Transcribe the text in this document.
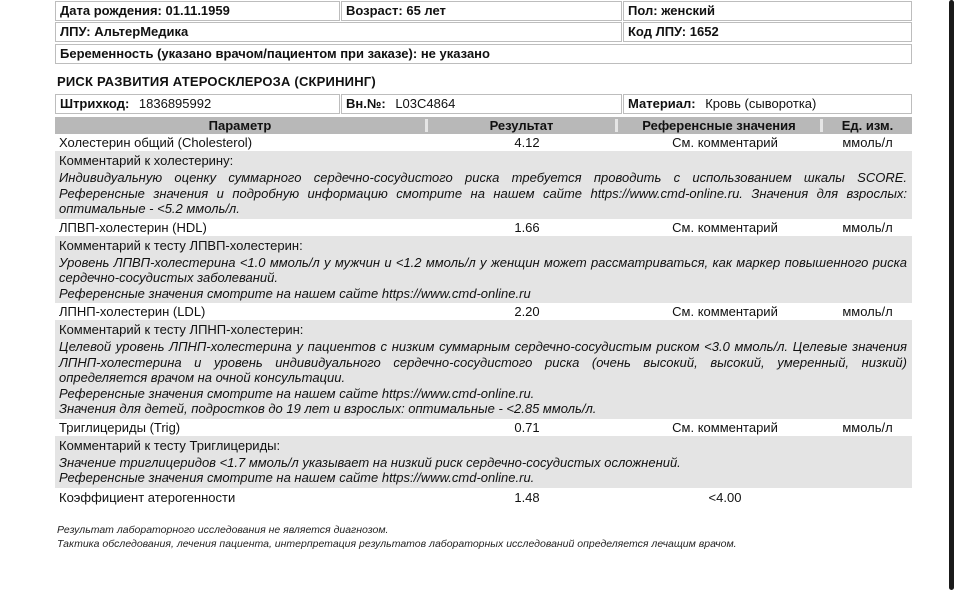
Дата рождения: 01.11.1959	Возраст: 65 лет	Пол: женский
ЛПУ: АльтерМедика	Код ЛПУ: 1652
Беременность (указано врачом/пациентом при заказе): не указано
РИСК РАЗВИТИЯ АТЕРОСКЛЕРОЗА (СКРИНИНГ)
Штрихкод: 1836895992	Вн.№: L03C4864	Материал: Кровь (сыворотка)
Параметр	Результат	Референсные значения	Ед. изм.
Холестерин общий (Cholesterol)	4.12	См. комментарий	ммоль/л
Комментарий к холестерину:

Индивидуальную оценку суммарного сердечно-сосудистого риска требуется проводить с использованием шкалы SCORE. Референсные значения и подробную информацию смотрите на нашем сайте https://www.cmd-online.ru. Значения для взрослых: оптимальные - <5.2 ммоль/л.

ЛПВП-холестерин (HDL)	1.66	См. комментарий	ммоль/л
Комментарий к тесту ЛПВП-холестерин:

Уровень ЛПВП-холестерина <1.0 ммоль/л у мужчин и <1.2 ммоль/л у женщин может рассматриваться, как маркер повышенного риска сердечно-сосудистых заболеваний.

Референсные значения смотрите на нашем сайте https://www.cmd-online.ru

ЛПНП-холестерин (LDL)	2.20	См. комментарий	ммоль/л
Комментарий к тесту ЛПНП-холестерин:

Целевой уровень ЛПНП-холестерина у пациентов с низким суммарным сердечно-сосудистым риском <3.0 ммоль/л. Целевые значения ЛПНП-холестерина и уровень индивидуального сердечно-сосудистого риска (очень высокий, высокий, умеренный, низкий) определяется врачом на очной консультации.

Референсные значения смотрите на нашем сайте https://www.cmd-online.ru.

Значения для детей, подростков до 19 лет и взрослых: оптимальные - <2.85 ммоль/л.

Триглицериды (Trig)	0.71	См. комментарий	ммоль/л
Комментарий к тесту Триглицериды:

Значение триглицеридов <1.7 ммоль/л указывает на низкий риск сердечно-сосудистых осложнений.

Референсные значения смотрите на нашем сайте https://www.cmd-online.ru.

Коэффициент атерогенности	1.48	<4.00
Результат лабораторного исследования не является диагнозом.
Тактика обследования, лечения пациента, интерпретация результатов лабораторных исследований определяется лечащим врачом.
